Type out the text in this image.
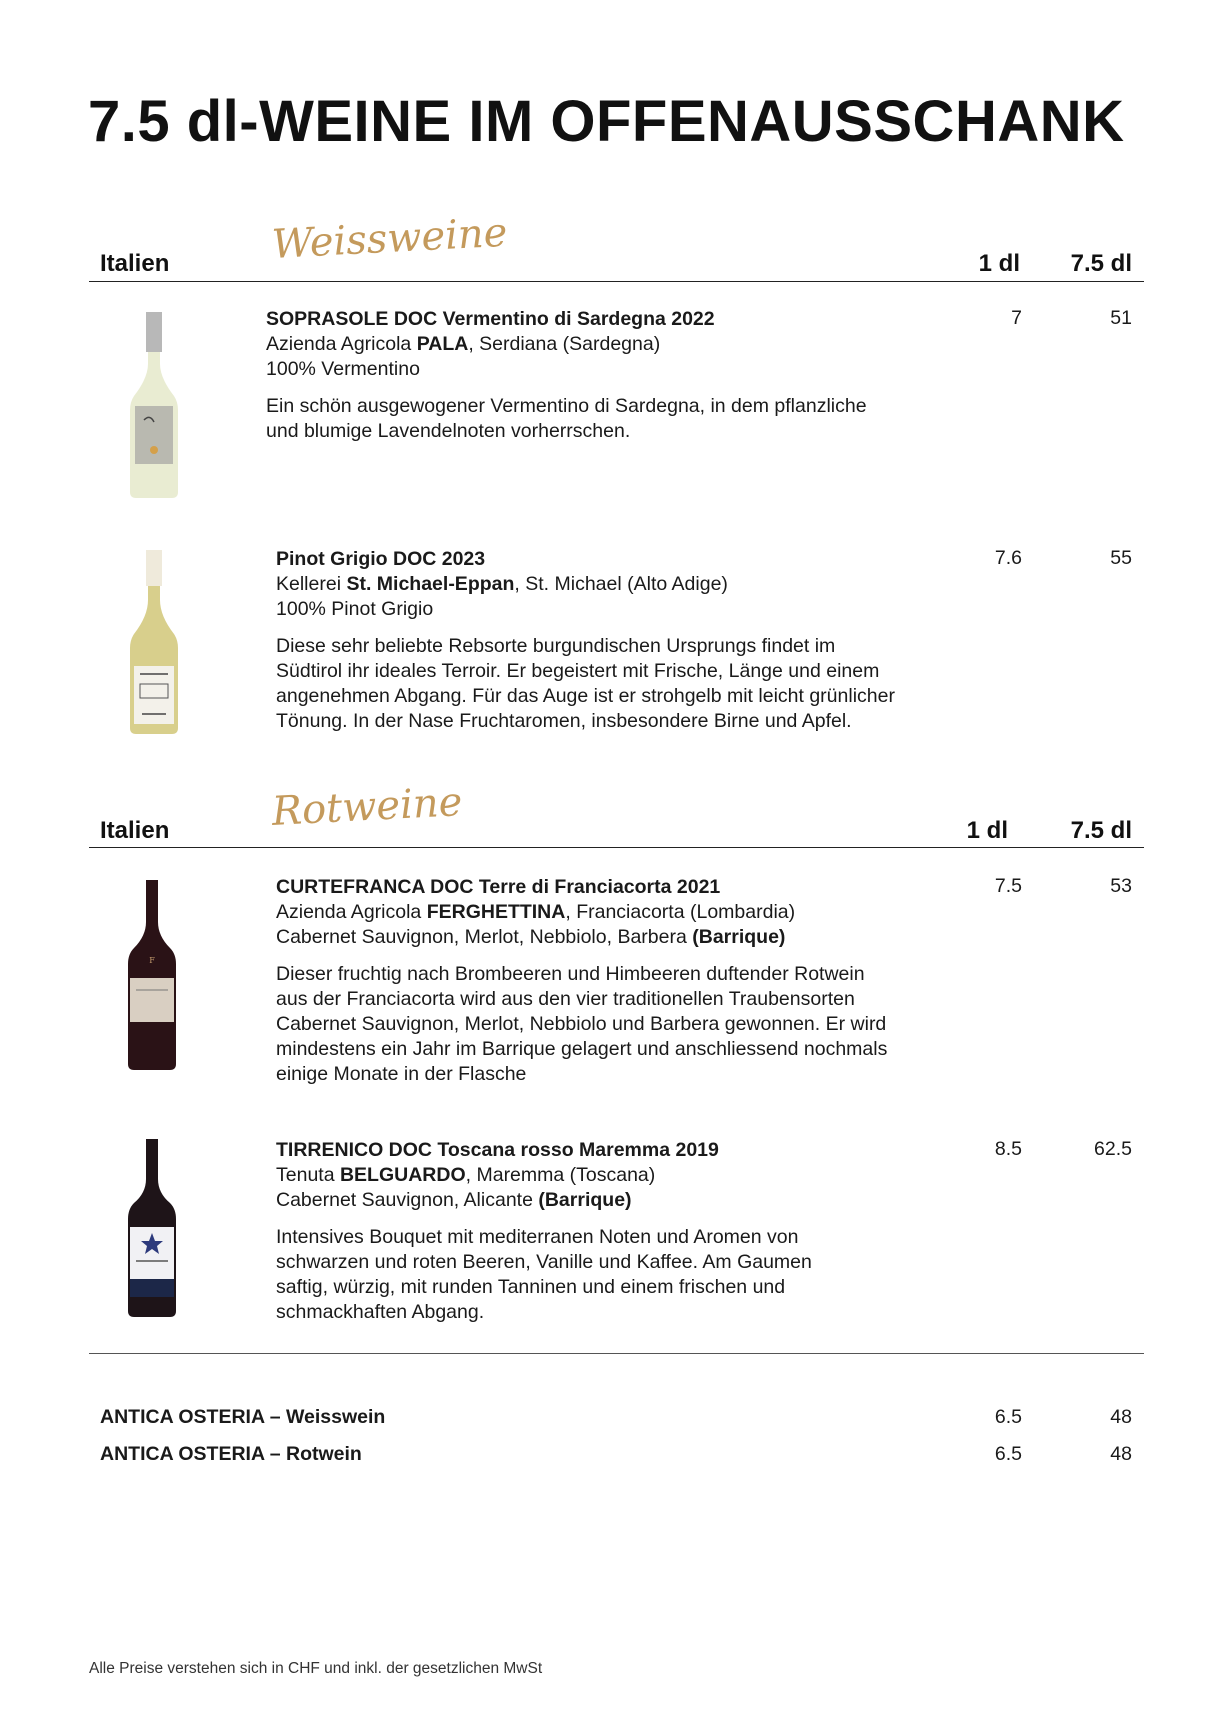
7.5 dl-WEINE IM OFFENAUSSCHANK
Italien	Weissweine	1 dl	7.5 dl
SOPRASOLE DOC Vermentino di Sardegna 2022
Azienda Agricola PALA, Serdiana (Sardegna)
100% Vermentino
Ein schön ausgewogener Vermentino di Sardegna, in dem pflanzliche
und blumige Lavendelnoten vorherrschen.
7	51
Pinot Grigio DOC 2023
Kellerei St. Michael-Eppan, St. Michael (Alto Adige)
100% Pinot Grigio
Diese sehr beliebte Rebsorte burgundischen Ursprungs findet im
Südtirol ihr ideales Terroir. Er begeistert mit Frische, Länge und einem
angenehmen Abgang. Für das Auge ist er strohgelb mit leicht grünlicher
Tönung. In der Nase Fruchtaromen, insbesondere Birne und Apfel.
7.6	55
Italien	Rotweine	1 dl	7.5 dl
F
CURTEFRANCA DOC Terre di Franciacorta 2021
Azienda Agricola FERGHETTINA, Franciacorta (Lombardia)
Cabernet Sauvignon, Merlot, Nebbiolo, Barbera (Barrique)
Dieser fruchtig nach Brombeeren und Himbeeren duftender Rotwein
aus der Franciacorta wird aus den vier traditionellen Traubensorten
Cabernet Sauvignon, Merlot, Nebbiolo und Barbera gewonnen. Er wird
mindestens ein Jahr im Barrique gelagert und anschliessend nochmals
einige Monate in der Flasche
7.5	53
TIRRENICO DOC Toscana rosso Maremma 2019
Tenuta BELGUARDO, Maremma (Toscana)
Cabernet Sauvignon, Alicante (Barrique)
Intensives Bouquet mit mediterranen Noten und Aromen von
schwarzen und roten Beeren, Vanille und Kaffee. Am Gaumen
saftig, würzig, mit runden Tanninen und einem frischen und
schmackhaften Abgang.
8.5	62.5
ANTICA OSTERIA – Weisswein	6.5	48
ANTICA OSTERIA – Rotwein	6.5	48
Alle Preise verstehen sich in CHF und inkl. der gesetzlichen MwSt
